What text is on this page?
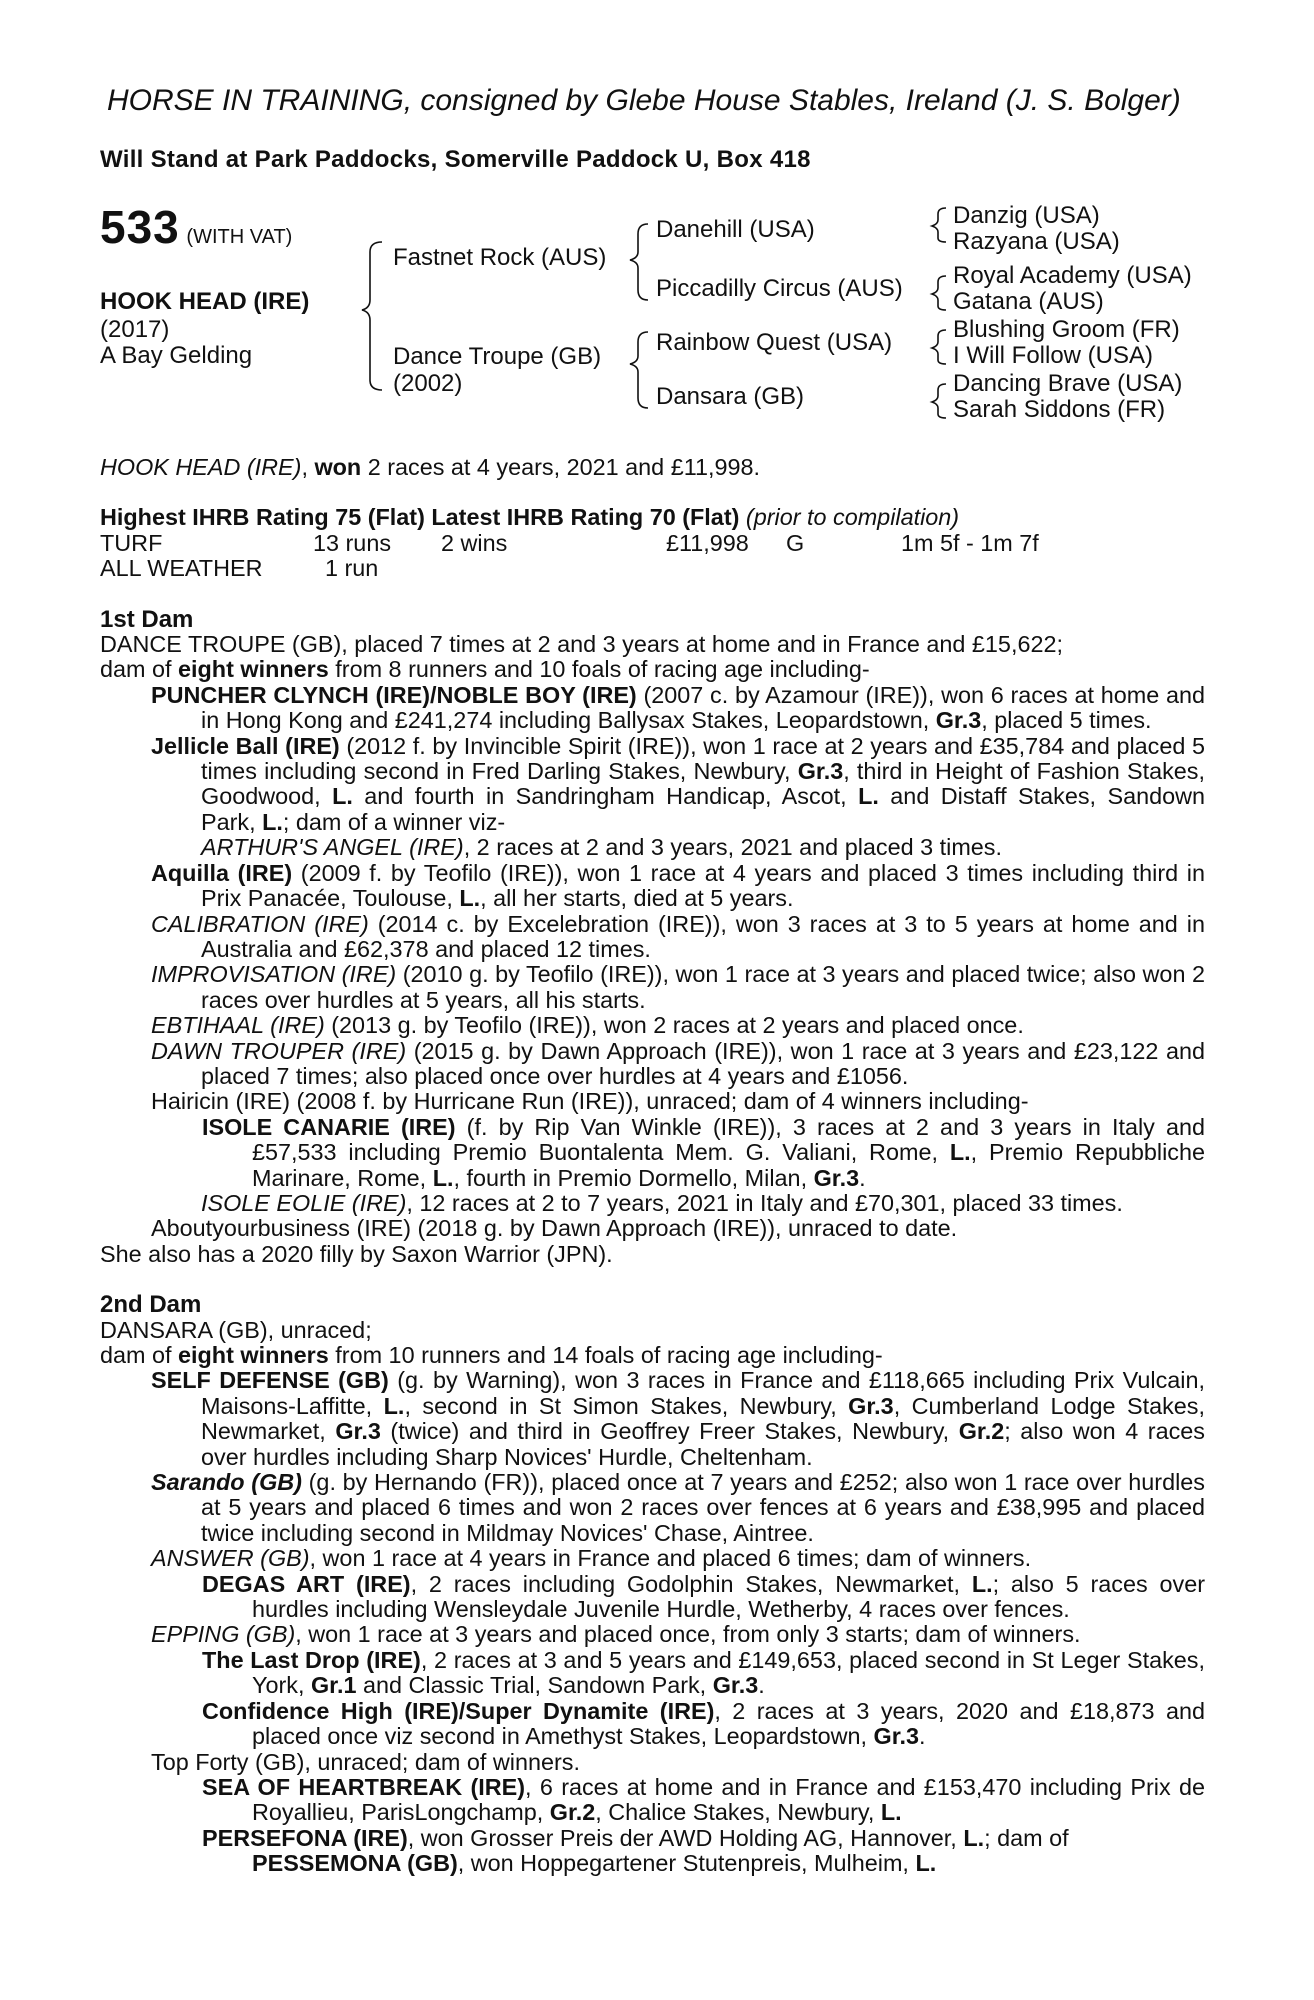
HORSE IN TRAINING, consigned by Glebe House Stables, Ireland (J. S. Bolger)
Will Stand at Park Paddocks, Somerville Paddock U, Box 418
533 (WITH VAT)
HOOK HEAD (IRE)
(2017)
A Bay Gelding
Fastnet Rock (AUS)
Dance Troupe (GB)
(2002)
Danehill (USA)
Piccadilly Circus (AUS)
Rainbow Quest (USA)
Dansara (GB)
Danzig (USA)
Razyana (USA)
Royal Academy (USA)
Gatana (AUS)
Blushing Groom (FR)
I Will Follow (USA)
Dancing Brave (USA)
Sarah Siddons (FR)

HOOK HEAD (IRE), won 2 races at 4 years, 2021 and £11,998.

Highest IHRB Rating 75 (Flat) Latest IHRB Rating 70 (Flat) (prior to compilation)

TURF	13 runs	2 wins	£11,998	G	1m 5f - 1m 7f
ALL WEATHER	1 run

1st Dam

DANCE TROUPE (GB), placed 7 times at 2 and 3 years at home and in France and £15,622;

dam of eight winners from 8 runners and 10 foals of racing age including-

PUNCHER CLYNCH (IRE)/NOBLE BOY (IRE) (2007 c. by Azamour (IRE)), won 6 races at home and in Hong Kong and £241,274 including Ballysax Stakes, Leopardstown, Gr.3, placed 5 times.

Jellicle Ball (IRE) (2012 f. by Invincible Spirit (IRE)), won 1 race at 2 years and £35,784 and placed 5 times including second in Fred Darling Stakes, Newbury, Gr.3, third in Height of Fashion Stakes, Goodwood, L. and fourth in Sandringham Handicap, Ascot, L. and Distaff Stakes, Sandown Park, L.; dam of a winner viz-

ARTHUR'S ANGEL (IRE), 2 races at 2 and 3 years, 2021 and placed 3 times.

Aquilla (IRE) (2009 f. by Teofilo (IRE)), won 1 race at 4 years and placed 3 times including third in Prix Panacée, Toulouse, L., all her starts, died at 5 years.

CALIBRATION (IRE) (2014 c. by Excelebration (IRE)), won 3 races at 3 to 5 years at home and in Australia and £62,378 and placed 12 times.

IMPROVISATION (IRE) (2010 g. by Teofilo (IRE)), won 1 race at 3 years and placed twice; also won 2 races over hurdles at 5 years, all his starts.

EBTIHAAL (IRE) (2013 g. by Teofilo (IRE)), won 2 races at 2 years and placed once.

DAWN TROUPER (IRE) (2015 g. by Dawn Approach (IRE)), won 1 race at 3 years and £23,122 and placed 7 times; also placed once over hurdles at 4 years and £1056.

Hairicin (IRE) (2008 f. by Hurricane Run (IRE)), unraced; dam of 4 winners including-

ISOLE CANARIE (IRE) (f. by Rip Van Winkle (IRE)), 3 races at 2 and 3 years in Italy and £57,533 including Premio Buontalenta Mem. G. Valiani, Rome, L., Premio Repubbliche Marinare, Rome, L., fourth in Premio Dormello, Milan, Gr.3.

ISOLE EOLIE (IRE), 12 races at 2 to 7 years, 2021 in Italy and £70,301, placed 33 times.

Aboutyourbusiness (IRE) (2018 g. by Dawn Approach (IRE)), unraced to date.

She also has a 2020 filly by Saxon Warrior (JPN).

2nd Dam

DANSARA (GB), unraced;

dam of eight winners from 10 runners and 14 foals of racing age including-

SELF DEFENSE (GB) (g. by Warning), won 3 races in France and £118,665 including Prix Vulcain, Maisons-Laffitte, L., second in St Simon Stakes, Newbury, Gr.3, Cumberland Lodge Stakes, Newmarket, Gr.3 (twice) and third in Geoffrey Freer Stakes, Newbury, Gr.2; also won 4 races over hurdles including Sharp Novices' Hurdle, Cheltenham.

Sarando (GB) (g. by Hernando (FR)), placed once at 7 years and £252; also won 1 race over hurdles at 5 years and placed 6 times and won 2 races over fences at 6 years and £38,995 and placed twice including second in Mildmay Novices' Chase, Aintree.

ANSWER (GB), won 1 race at 4 years in France and placed 6 times; dam of winners.

DEGAS ART (IRE), 2 races including Godolphin Stakes, Newmarket, L.; also 5 races over hurdles including Wensleydale Juvenile Hurdle, Wetherby, 4 races over fences.

EPPING (GB), won 1 race at 3 years and placed once, from only 3 starts; dam of winners.

The Last Drop (IRE), 2 races at 3 and 5 years and £149,653, placed second in St Leger Stakes, York, Gr.1 and Classic Trial, Sandown Park, Gr.3.

Confidence High (IRE)/Super Dynamite (IRE), 2 races at 3 years, 2020 and £18,873 and placed once viz second in Amethyst Stakes, Leopardstown, Gr.3.

Top Forty (GB), unraced; dam of winners.

SEA OF HEARTBREAK (IRE), 6 races at home and in France and £153,470 including Prix de Royallieu, ParisLongchamp, Gr.2, Chalice Stakes, Newbury, L.

PERSEFONA (IRE), won Grosser Preis der AWD Holding AG, Hannover, L.; dam of

PESSEMONA (GB), won Hoppegartener Stutenpreis, Mulheim, L.
